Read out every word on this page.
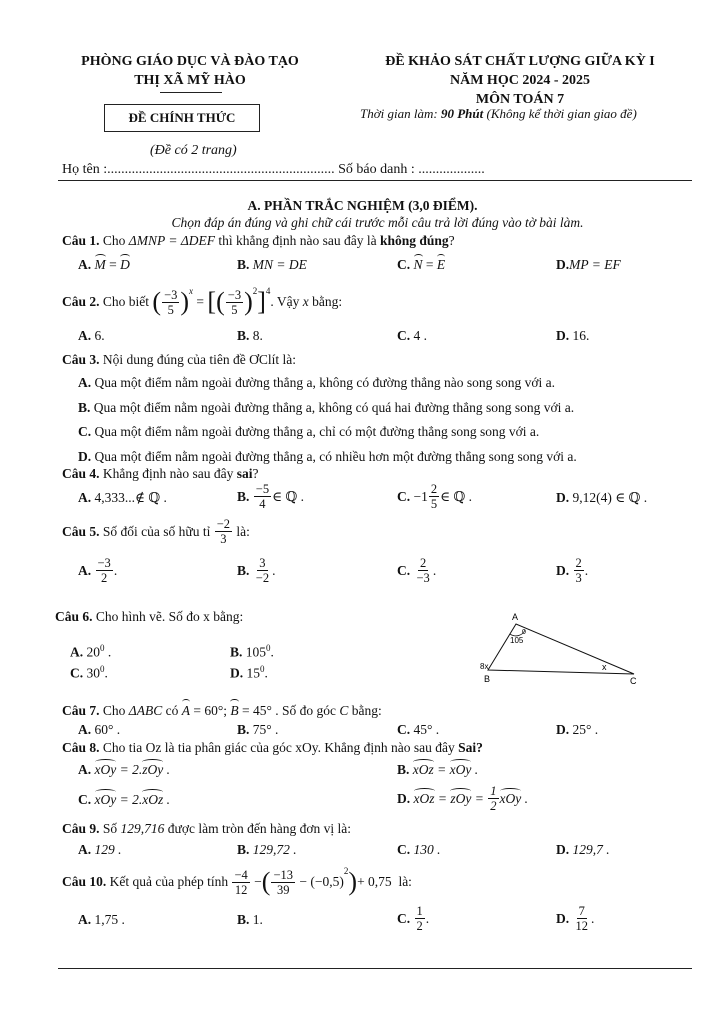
PHÒNG GIÁO DỤC VÀ ĐÀO TẠO
THỊ XÃ MỸ HÀO
ĐỀ CHÍNH THỨC
(Đề có 2 trang)
ĐỀ KHẢO SÁT CHẤT LƯỢNG GIỮA KỲ I
NĂM HỌC 2024 - 2025
MÔN TOÁN 7
Thời gian làm: 90 Phút (Không kể thời gian giao đề)
Họ tên :................................................................. Số báo danh : ...................
A. PHẦN TRẮC NGHIỆM (3,0 ĐIỂM).
Chọn đáp án đúng và ghi chữ cái trước mỗi câu trả lời đúng vào tờ bài làm.
Câu 1. Cho ΔMNP = ΔDEF thì khẳng định nào sau đây là không đúng?
A. M = D	B. MN = DE	C. N = E	D.MP = EF
Câu 2. Cho biết ( $\frac{-3}{5}$ ) x
= [ ( $\frac{-3}{5}$ ) 2 ] 4
. Vậy x bằng:
A. 6.	B. 8.	C. 4 .	D. 16.
Câu 3. Nội dung đúng của tiên đề ƠClít là:
A. Qua một điểm nằm ngoài đường thẳng a, không có đường thẳng nào song song với a.
B. Qua một điểm nằm ngoài đường thẳng a, không có quá hai đường thẳng song song với a.
C. Qua một điểm nằm ngoài đường thẳng a, chỉ có một đường thẳng song song với a.
D. Qua một điểm nằm ngoài đường thẳng a, có nhiều hơn một đường thẳng song song với a.
Câu 4. Khẳng định nào sau đây sai?
A. 4,333...∉ ℚ .	B.
$\frac{-5}{4}$ ∈ ℚ .	C.
$-1 \frac{2}{5}$ ∈ ℚ .	D. 9,12(4) ∈ ℚ .
Câu 5. Số đối của số hữu tỉ $\frac{-2}{3}$ là:
A.
$\frac{-3}{2}$ .	B.
$\frac{3}{-2}$ .	C.
$\frac{2}{-3}$ .	D.
$\frac{2}{3}$ .
Câu 6. Cho hình vẽ. Số đo x bằng:
A. $20^0$ .	B. $105^0$.
C. $30^0$.	D. $15^0$.
A
105
0
8x
B
x
C
Câu 7. Cho ΔABC có A = 60°; B = 45° . Số đo góc C bằng:
A. 60° .	B. 75° .	C. 45° .	D. 25° .
Câu 8. Cho tia Oz là tia phân giác của góc xOy. Khẳng định nào sau đây Sai?
A. xOy = 2.zOy .	B. xOz = xOy .
C. xOy = 2.xOz .	D.
xOz = zOy = $\frac{1}{2}$ xOy .
Câu 9. Số 129,716 được làm tròn đến hàng đơn vị là:
A. 129 .	B. 129,72 .	C. 130 .	D. 129,7 .
Câu 10. Kết quả của phép tính $\frac{-4}{12}$ − ( $\frac{-13}{39} - (-0,5)$
2 ) + 0,75 là:
A. 1,75 .	B. 1.	C.
$\frac{1}{2}$ .	D.
$\frac{7}{12}$ .
